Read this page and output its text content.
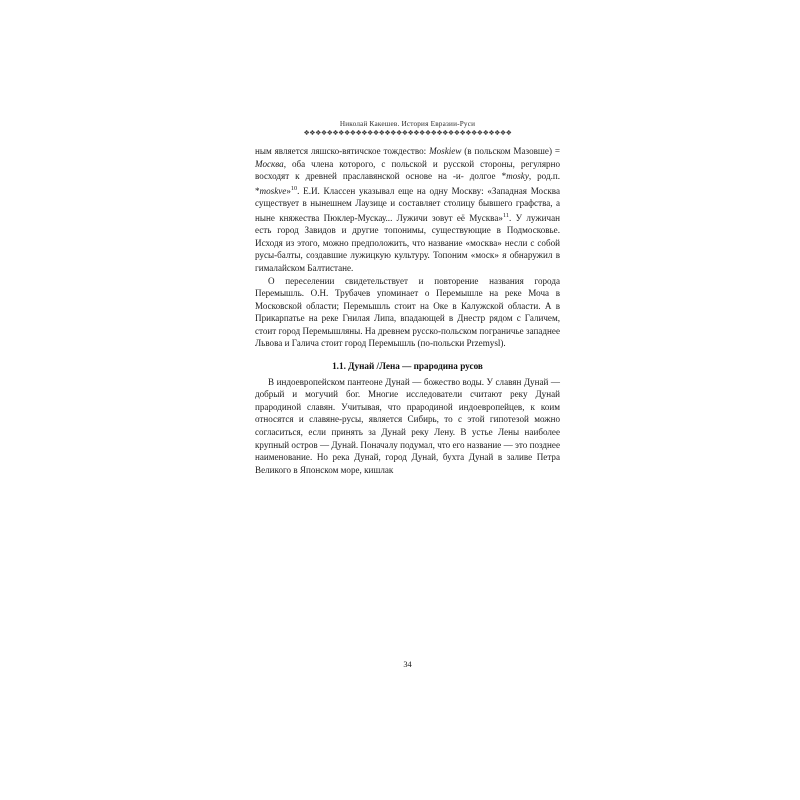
Николай Какешев. История Евразии-Руси
❖❖❖❖❖❖❖❖❖❖❖❖❖❖❖❖❖❖❖❖❖❖❖❖❖❖❖❖❖❖❖❖❖❖❖❖

ным является ляшско-вятичское тождество: Moskiew (в польском Мазовше) = Москва, оба члена которого, с польской и русской стороны, регулярно восходят к древней праславянской основе на -и- долгое *mosky, род.п. *moskve»$^{10}$. Е.И. Классен указывал еще на одну Москву: «Западная Москва существует в нынешнем Лаузице и составляет столицу бывшего графства, а ныне княжества Пюклер-Мускау... Лужичи зовут её Мусква»$^{11}$. У лужичан есть город Завидов и другие топонимы, существующие в Подмосковье. Исходя из этого, можно предположить, что название «москва» несли с собой русы-балты, создавшие лужицкую культуру. Топоним «моск» я обнаружил в гималайском Балтистане.

О переселении свидетельствует и повторение названия города Перемышль. О.Н. Трубачев упоминает о Перемышле на реке Моча в Московской области; Перемышль стоит на Оке в Калужской области. А в Прикарпатье на реке Гнилая Липа, впадающей в Днестр рядом с Галичем, стоит город Перемышляны. На древнем русско-польском пограничье западнее Львова и Галича стоит город Перемышль (по-польски Przemysl).

1.1. Дунай /Лена — прародина русов

В индоевропейском пантеоне Дунай — божество воды. У славян Дунай — добрый и могучий бог. Многие исследователи считают реку Дунай прародиной славян. Учитывая, что прародиной индоевропейцев, к коим относятся и славяне-русы, является Сибирь, то с этой гипотезой можно согласиться, если принять за Дунай реку Лену. В устье Лены наиболее крупный остров — Дунай. Поначалу подумал, что его название — это позднее наименование. Но река Дунай, город Дунай, бухта Дунай в заливе Петра Великого в Японском море, кишлак

34
